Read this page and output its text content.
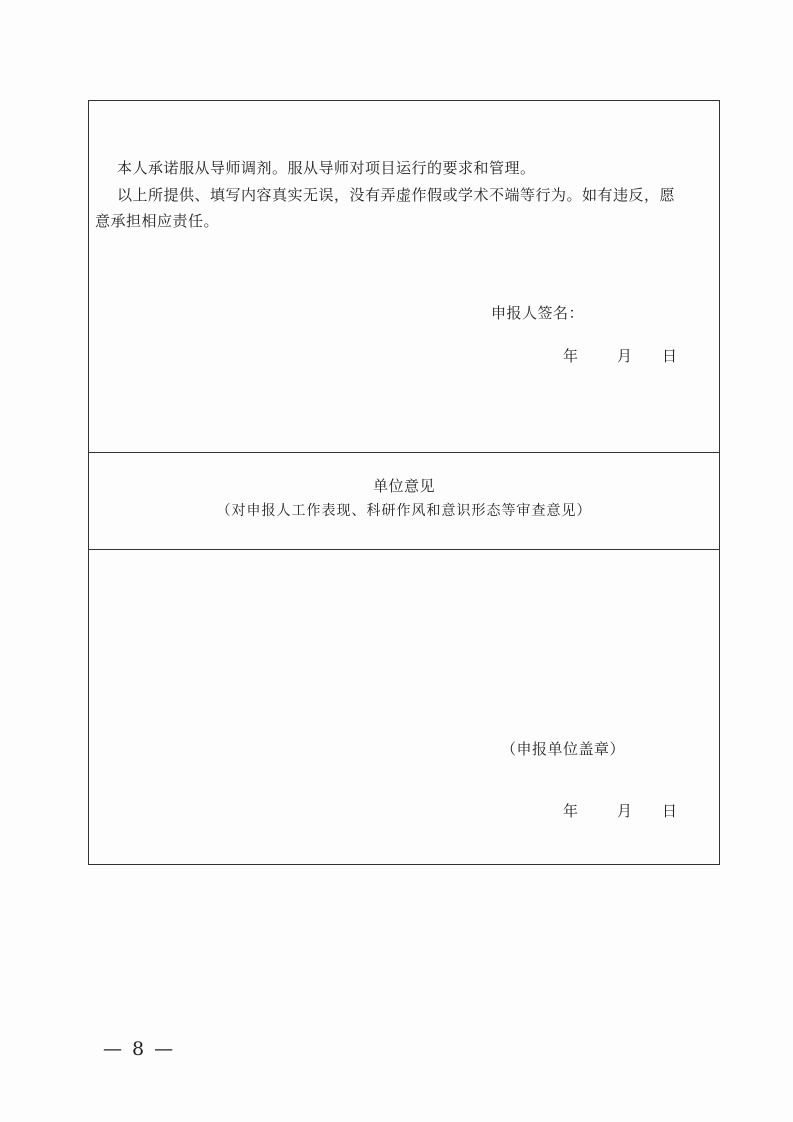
本人承诺服从导师调剂。服从导师对项目运行的要求和管理。
以上所提供、填写内容真实无误，没有弄虚作假或学术不端等行为。如有违反，愿
意承担相应责任。
申报人签名：
年	月	日
单位意见
（对申报人工作表现、科研作风和意识形态等审查意见）
（申报单位盖章）
年	月	日
— 8 —
